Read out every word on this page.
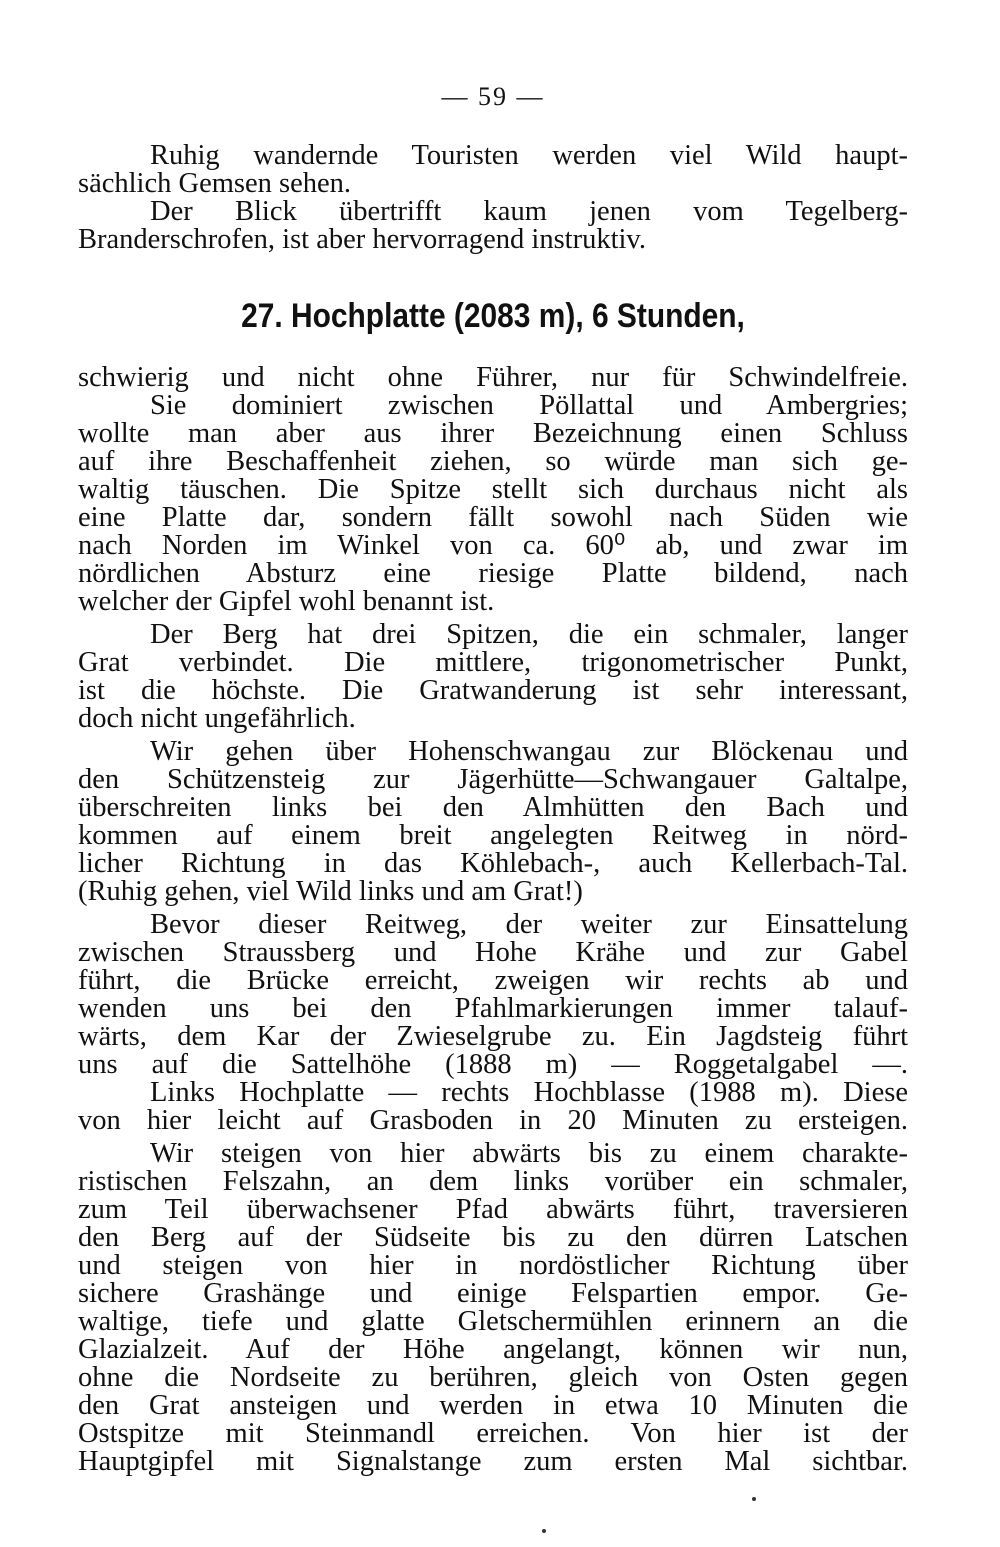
— 59 —
Ruhig wandernde Touristen werden viel Wild haupt-
sächlich Gemsen sehen.
Der Blick übertrifft kaum jenen vom Tegelberg-
Branderschrofen, ist aber hervorragend instruktiv.
27. Hochplatte (2083 m), 6 Stunden,
schwierig und nicht ohne Führer, nur für Schwindelfreie.
Sie dominiert zwischen Pöllattal und Ambergries;
wollte man aber aus ihrer Bezeichnung einen Schluss
auf ihre Beschaffenheit ziehen, so würde man sich ge-
waltig täuschen. Die Spitze stellt sich durchaus nicht als
eine Platte dar, sondern fällt sowohl nach Süden wie
nach Norden im Winkel von ca. 60⁰ ab, und zwar im
nördlichen Absturz eine riesige Platte bildend, nach
welcher der Gipfel wohl benannt ist.
Der Berg hat drei Spitzen, die ein schmaler, langer
Grat verbindet. Die mittlere, trigonometrischer Punkt,
ist die höchste. Die Gratwanderung ist sehr interessant,
doch nicht ungefährlich.
Wir gehen über Hohenschwangau zur Blöckenau und
den Schützensteig zur Jägerhütte—Schwangauer Galtalpe,
überschreiten links bei den Almhütten den Bach und
kommen auf einem breit angelegten Reitweg in nörd-
licher Richtung in das Köhlebach-, auch Kellerbach-Tal.
(Ruhig gehen, viel Wild links und am Grat!)
Bevor dieser Reitweg, der weiter zur Einsattelung
zwischen Straussberg und Hohe Krähe und zur Gabel
führt, die Brücke erreicht, zweigen wir rechts ab und
wenden uns bei den Pfahlmarkierungen immer talauf-
wärts, dem Kar der Zwieselgrube zu. Ein Jagdsteig führt
uns auf die Sattelhöhe (1888 m) — Roggetalgabel —.
Links Hochplatte — rechts Hochblasse (1988 m). Diese
von hier leicht auf Grasboden in 20 Minuten zu ersteigen.
Wir steigen von hier abwärts bis zu einem charakte-
ristischen Felszahn, an dem links vorüber ein schmaler,
zum Teil überwachsener Pfad abwärts führt, traversieren
den Berg auf der Südseite bis zu den dürren Latschen
und steigen von hier in nordöstlicher Richtung über
sichere Grashänge und einige Felspartien empor. Ge-
waltige, tiefe und glatte Gletschermühlen erinnern an die
Glazialzeit. Auf der Höhe angelangt, können wir nun,
ohne die Nordseite zu berühren, gleich von Osten gegen
den Grat ansteigen und werden in etwa 10 Minuten die
Ostspitze mit Steinmandl erreichen. Von hier ist der
Hauptgipfel mit Signalstange zum ersten Mal sichtbar.
